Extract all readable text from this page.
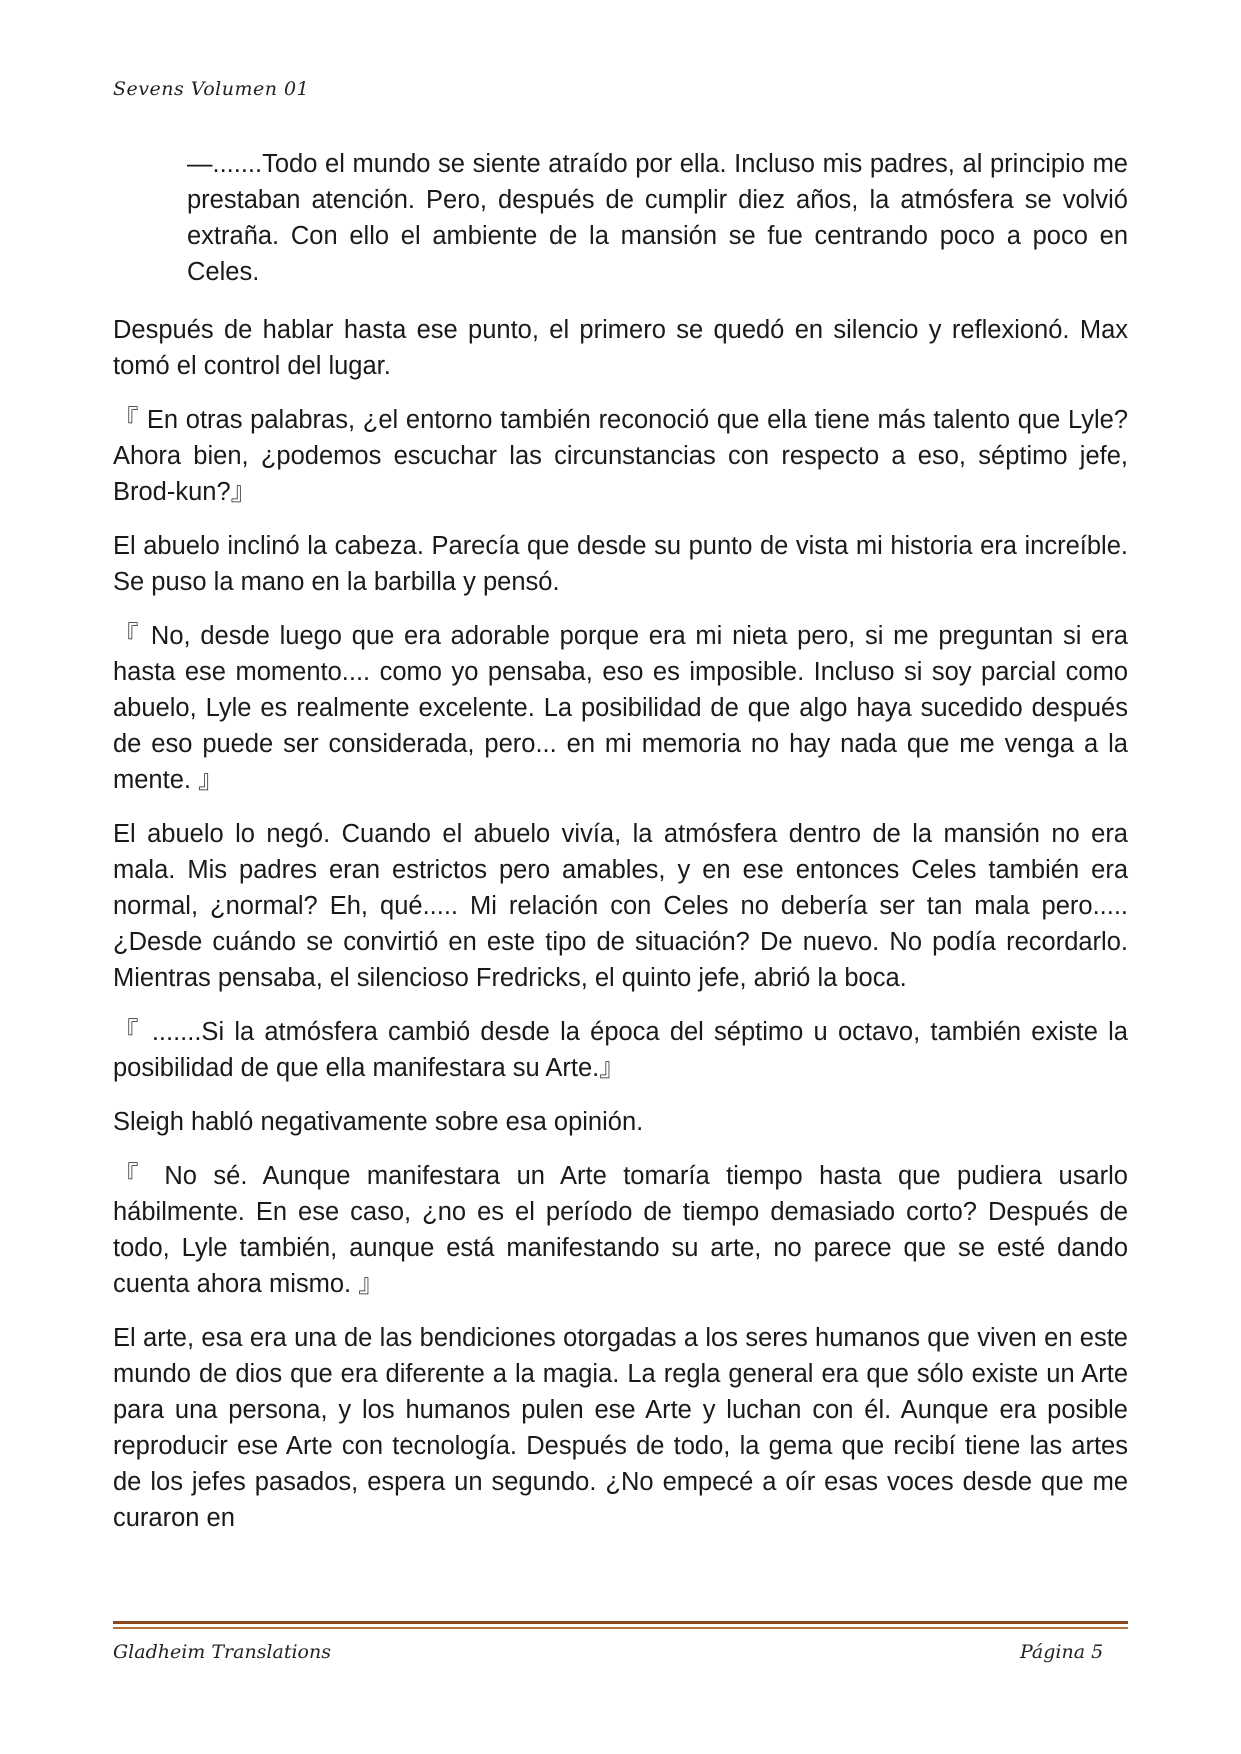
Sevens Volumen 01

—.......Todo el mundo se siente atraído por ella. Incluso mis padres, al principio me prestaban atención. Pero, después de cumplir diez años, la atmósfera se volvió extraña. Con ello el ambiente de la mansión se fue centrando poco a poco en Celes.

Después de hablar hasta ese punto, el primero se quedó en silencio y reflexionó. Max tomó el control del lugar.

『 En otras palabras, ¿el entorno también reconoció que ella tiene más talento que Lyle? Ahora bien, ¿podemos escuchar las circunstancias con respecto a eso, séptimo jefe, Brod-kun?』

El abuelo inclinó la cabeza. Parecía que desde su punto de vista mi historia era increíble. Se puso la mano en la barbilla y pensó.

『 No, desde luego que era adorable porque era mi nieta pero, si me preguntan si era hasta ese momento.... como yo pensaba, eso es imposible. Incluso si soy parcial como abuelo, Lyle es realmente excelente. La posibilidad de que algo haya sucedido después de eso puede ser considerada, pero... en mi memoria no hay nada que me venga a la mente. 』

El abuelo lo negó. Cuando el abuelo vivía, la atmósfera dentro de la mansión no era mala. Mis padres eran estrictos pero amables, y en ese entonces Celes también era normal, ¿normal? Eh, qué..... Mi relación con Celes no debería ser tan mala pero..... ¿Desde cuándo se convirtió en este tipo de situación? De nuevo. No podía recordarlo. Mientras pensaba, el silencioso Fredricks, el quinto jefe, abrió la boca.

『 .......Si la atmósfera cambió desde la época del séptimo u octavo, también existe la posibilidad de que ella manifestara su Arte.』

Sleigh habló negativamente sobre esa opinión.

『 No sé. Aunque manifestara un Arte tomaría tiempo hasta que pudiera usarlo hábilmente. En ese caso, ¿no es el período de tiempo demasiado corto? Después de todo, Lyle también, aunque está manifestando su arte, no parece que se esté dando cuenta ahora mismo. 』

El arte, esa era una de las bendiciones otorgadas a los seres humanos que viven en este mundo de dios que era diferente a la magia. La regla general era que sólo existe un Arte para una persona, y los humanos pulen ese Arte y luchan con él. Aunque era posible reproducir ese Arte con tecnología. Después de todo, la gema que recibí tiene las artes de los jefes pasados, espera un segundo. ¿No empecé a oír esas voces desde que me curaron en

Gladheim Translations	Página 5
